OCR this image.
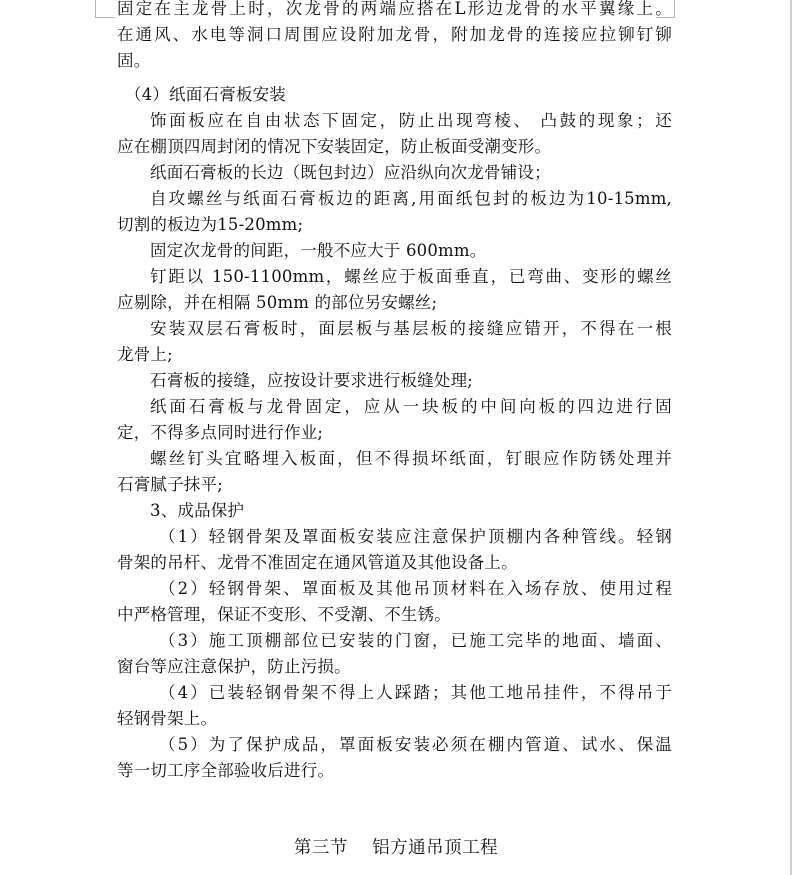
固定在主龙骨上时，次龙骨的两端应搭在L形边龙骨的水平翼缘上。
在通风、水电等洞口周围应设附加龙骨，附加龙骨的连接应拉铆钉铆
固。
（4）纸面石膏板安装
饰面板应在自由状态下固定，防止出现弯棱、 凸鼓的现象；还
应在棚顶四周封闭的情况下安装固定，防止板面受潮变形。
纸面石膏板的长边（既包封边）应沿纵向次龙骨铺设；
自攻螺丝与纸面石膏板边的距离,用面纸包封的板边为10-15mm,
切割的板边为15-20mm;
固定次龙骨的间距，一般不应大于 600mm。
钉距以 150-1100mm，螺丝应于板面垂直，已弯曲、变形的螺丝
应剔除，并在相隔 50mm 的部位另安螺丝;
安装双层石膏板时，面层板与基层板的接缝应错开，不得在一根
龙骨上;
石膏板的接缝，应按设计要求进行板缝处理;
纸面石膏板与龙骨固定，应从一块板的中间向板的四边进行固
定，不得多点同时进行作业;
螺丝钉头宜略埋入板面，但不得损坏纸面，钉眼应作防锈处理并
石膏腻子抹平;
3、成品保护
（1）轻钢骨架及罩面板安装应注意保护顶棚内各种管线。轻钢
骨架的吊杆、龙骨不准固定在通风管道及其他设备上。
（2）轻钢骨架、罩面板及其他吊顶材料在入场存放、使用过程
中严格管理，保证不变形、不受潮、不生锈。
（3）施工顶棚部位已安装的门窗，已施工完毕的地面、墙面、
窗台等应注意保护，防止污损。
（4）已装轻钢骨架不得上人踩踏；其他工地吊挂件，不得吊于
轻钢骨架上。
（5）为了保护成品，罩面板安装必须在棚内管道、试水、保温
等一切工序全部验收后进行。
第三节    铝方通吊顶工程
